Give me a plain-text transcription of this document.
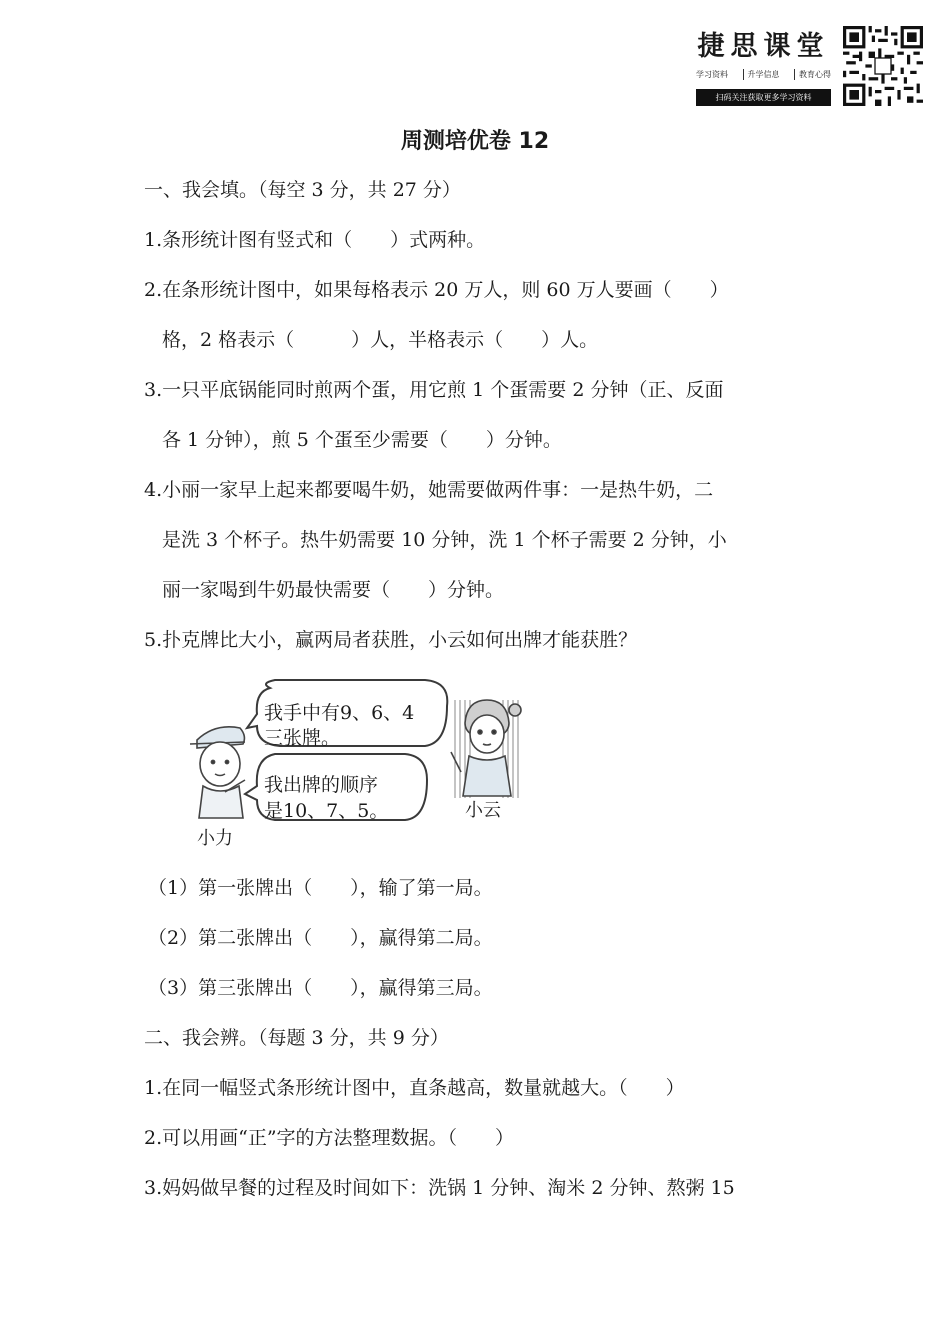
捷思课堂
学习资料	升学信息	教育心得
扫码关注获取更多学习资料
周测培优卷 12
一、我会填。（每空 3 分，共 27 分）
1.条形统计图有竖式和（　　）式两种。
2.在条形统计图中，如果每格表示 20 万人，则 60 万人要画（　　）
格，2 格表示（　　　）人，半格表示（　　）人。
3.一只平底锅能同时煎两个蛋，用它煎 1 个蛋需要 2 分钟（正、反面
各 1 分钟），煎 5 个蛋至少需要（　　）分钟。
4.小丽一家早上起来都要喝牛奶，她需要做两件事：一是热牛奶，二
是洗 3 个杯子。热牛奶需要 10 分钟，洗 1 个杯子需要 2 分钟，小
丽一家喝到牛奶最快需要（　　）分钟。
5.扑克牌比大小，赢两局者获胜，小云如何出牌才能获胜？
我手中有9、6、4
三张牌。
我出牌的顺序
是10、7、5。
小力
小云
（1）第一张牌出（　　），输了第一局。
（2）第二张牌出（　　），赢得第二局。
（3）第三张牌出（　　），赢得第三局。
二、我会辨。（每题 3 分，共 9 分）
1.在同一幅竖式条形统计图中，直条越高，数量就越大。（　　）
2.可以用画“正”字的方法整理数据。（　　）
3.妈妈做早餐的过程及时间如下：洗锅 1 分钟、淘米 2 分钟、熬粥 15
